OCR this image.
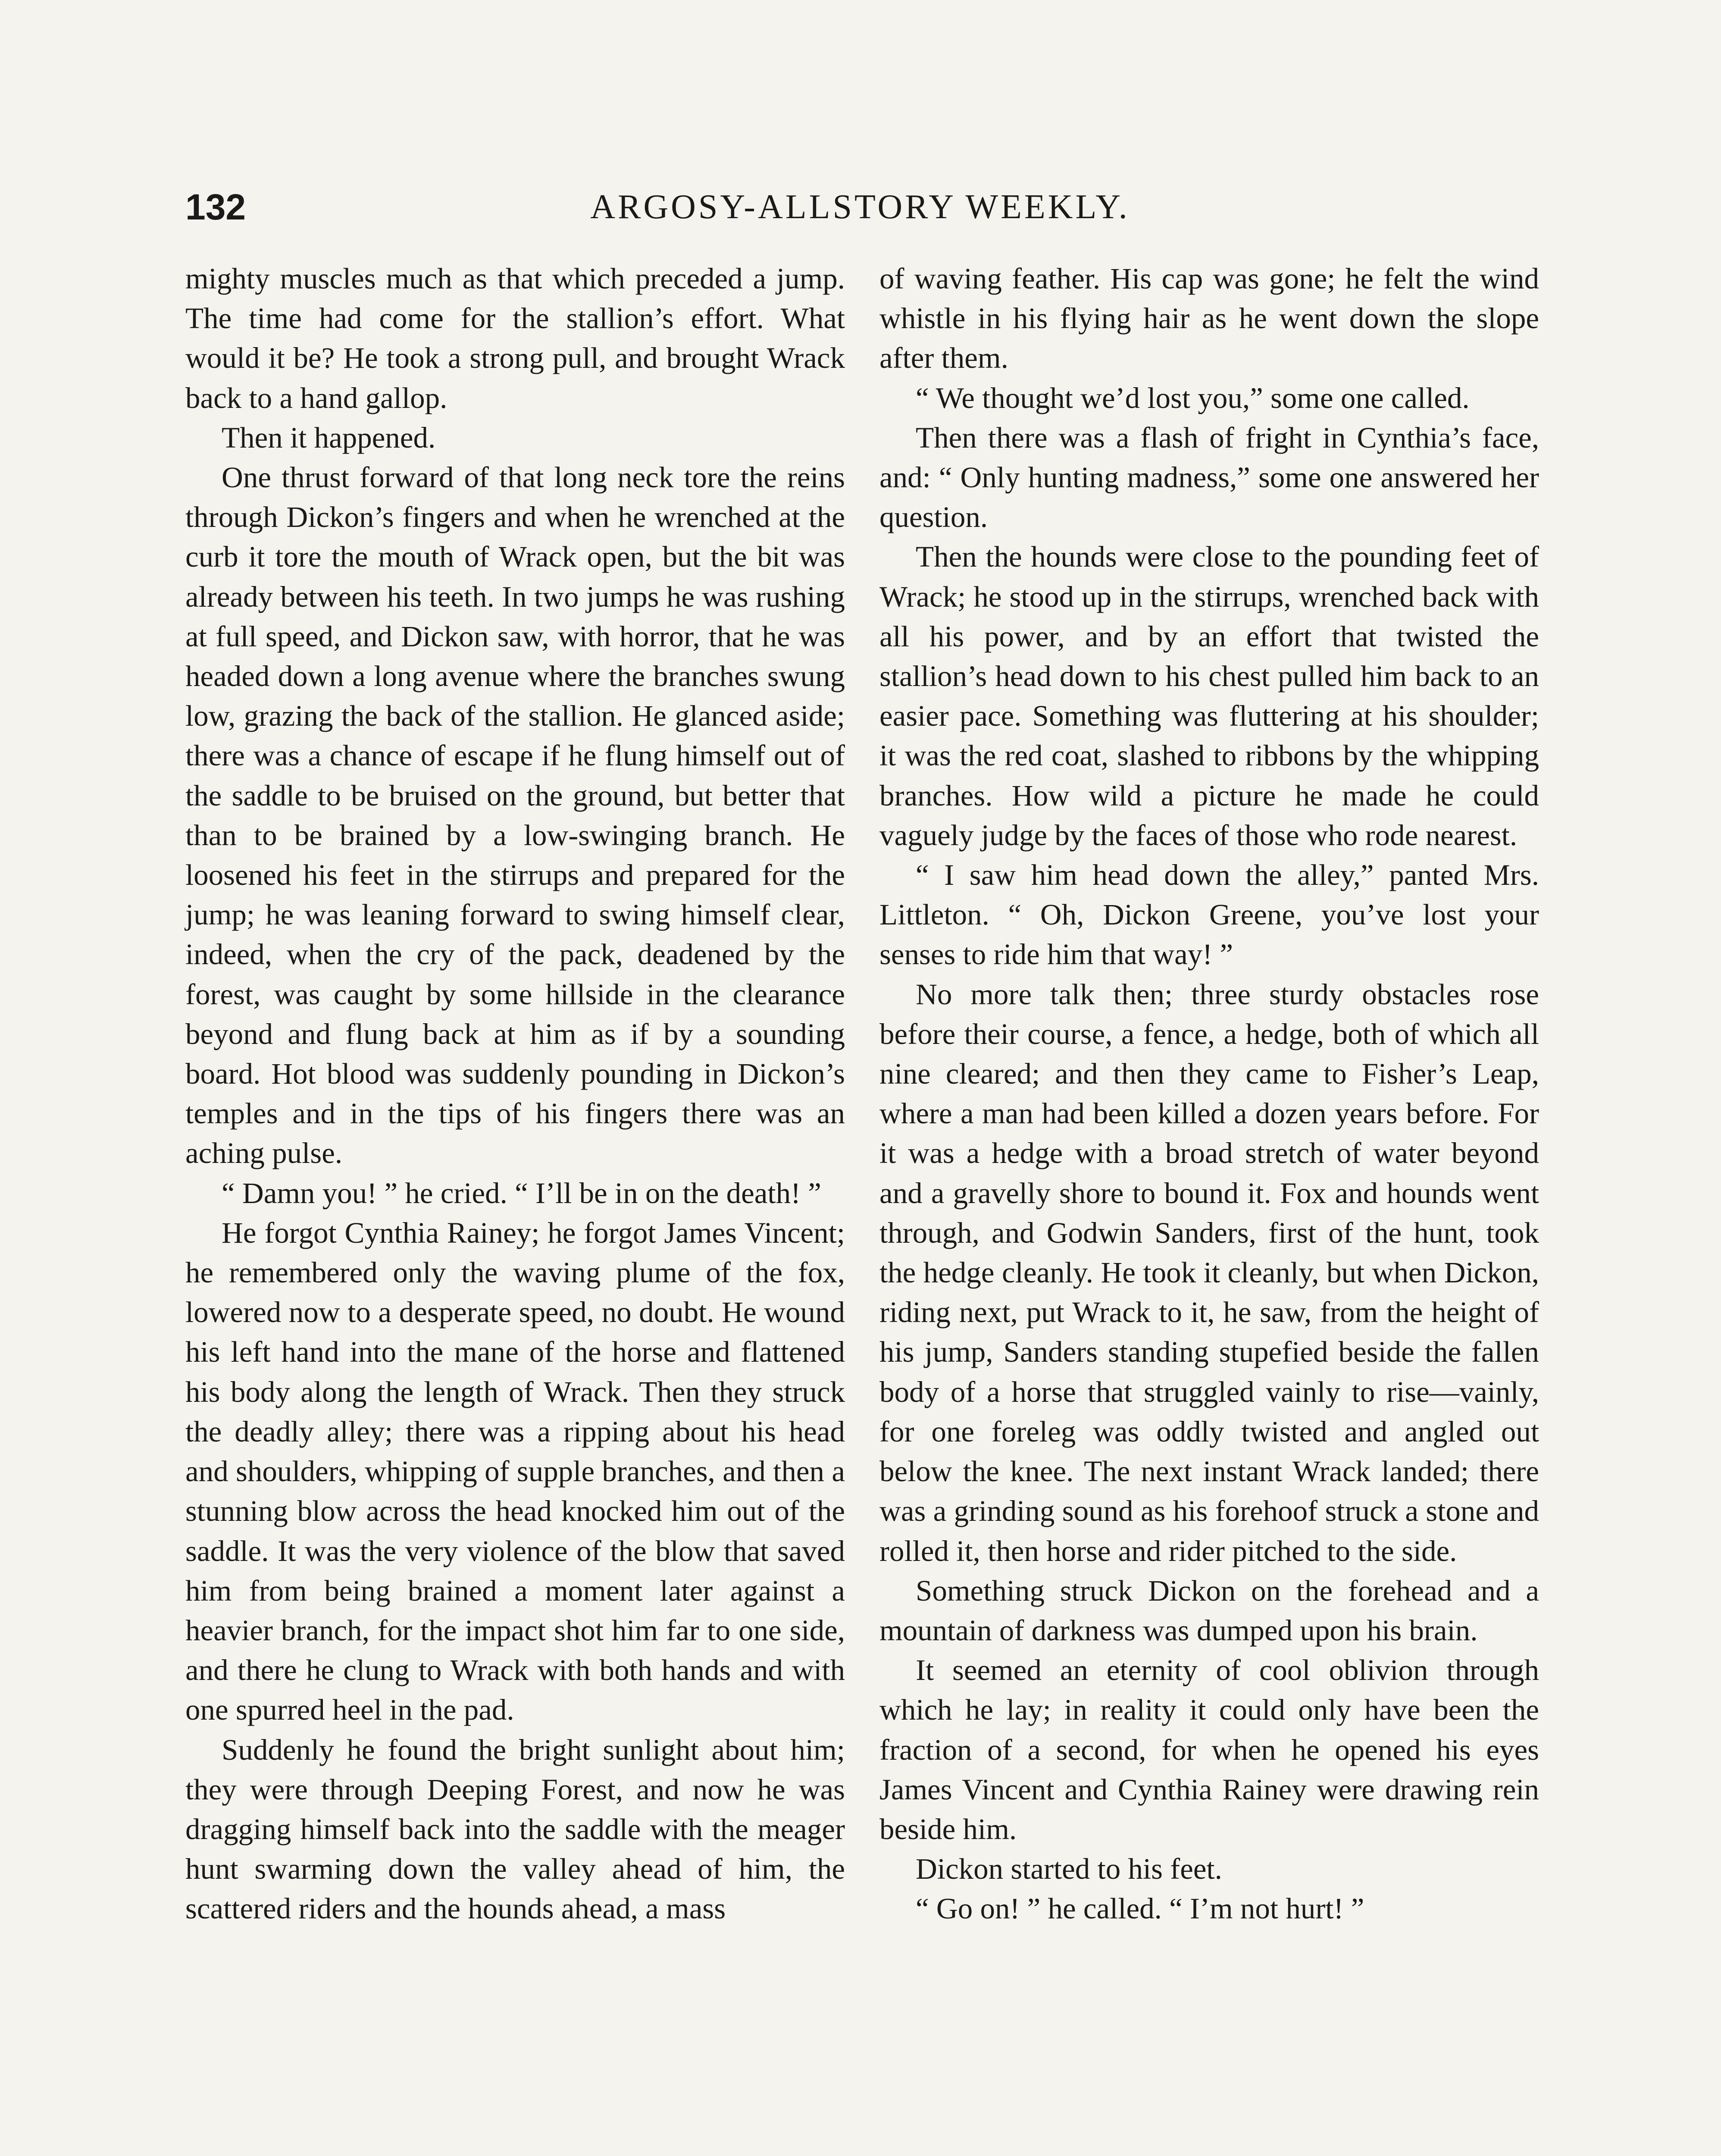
132	ARGOSY-ALLSTORY WEEKLY.

mighty muscles much as that which preceded a jump. The time had come for the stallion’s effort. What would it be? He took a strong pull, and brought Wrack back to a hand gallop.

Then it happened.

One thrust forward of that long neck tore the reins through Dickon’s fingers and when he wrenched at the curb it tore the mouth of Wrack open, but the bit was already between his teeth. In two jumps he was rushing at full speed, and Dickon saw, with horror, that he was headed down a long avenue where the branches swung low, grazing the back of the stallion. He glanced aside; there was a chance of escape if he flung himself out of the saddle to be bruised on the ground, but better that than to be brained by a low-swinging branch. He loosened his feet in the stirrups and prepared for the jump; he was leaning forward to swing himself clear, indeed, when the cry of the pack, deadened by the forest, was caught by some hillside in the clearance beyond and flung back at him as if by a sounding board. Hot blood was suddenly pounding in Dickon’s temples and in the tips of his fingers there was an aching pulse.

“ Damn you! ” he cried. “ I’ll be in on the death! ”

He forgot Cynthia Rainey; he forgot James Vincent; he remembered only the waving plume of the fox, lowered now to a desperate speed, no doubt. He wound his left hand into the mane of the horse and flattened his body along the length of Wrack. Then they struck the deadly alley; there was a ripping about his head and shoulders, whipping of supple branches, and then a stunning blow across the head knocked him out of the saddle. It was the very violence of the blow that saved him from being brained a moment later against a heavier branch, for the impact shot him far to one side, and there he clung to Wrack with both hands and with one spurred heel in the pad.

Suddenly he found the bright sunlight about him; they were through Deeping Forest, and now he was dragging himself back into the saddle with the meager hunt swarming down the valley ahead of him, the scattered riders and the hounds ahead, a mass

of waving feather. His cap was gone; he felt the wind whistle in his flying hair as he went down the slope after them.

“ We thought we’d lost you,” some one called.

Then there was a flash of fright in Cynthia’s face, and: “ Only hunting madness,” some one answered her question.

Then the hounds were close to the pounding feet of Wrack; he stood up in the stirrups, wrenched back with all his power, and by an effort that twisted the stallion’s head down to his chest pulled him back to an easier pace. Something was fluttering at his shoulder; it was the red coat, slashed to ribbons by the whipping branches. How wild a picture he made he could vaguely judge by the faces of those who rode nearest.

“ I saw him head down the alley,” panted Mrs. Littleton. “ Oh, Dickon Greene, you’ve lost your senses to ride him that way! ”

No more talk then; three sturdy obstacles rose before their course, a fence, a hedge, both of which all nine cleared; and then they came to Fisher’s Leap, where a man had been killed a dozen years before. For it was a hedge with a broad stretch of water beyond and a gravelly shore to bound it. Fox and hounds went through, and Godwin Sanders, first of the hunt, took the hedge cleanly. He took it cleanly, but when Dickon, riding next, put Wrack to it, he saw, from the height of his jump, Sanders standing stupefied beside the fallen body of a horse that struggled vainly to rise—vainly, for one foreleg was oddly twisted and angled out below the knee. The next instant Wrack landed; there was a grinding sound as his forehoof struck a stone and rolled it, then horse and rider pitched to the side.

Something struck Dickon on the forehead and a mountain of darkness was dumped upon his brain.

It seemed an eternity of cool oblivion through which he lay; in reality it could only have been the fraction of a second, for when he opened his eyes James Vincent and Cynthia Rainey were drawing rein beside him.

Dickon started to his feet.

“ Go on! ” he called. “ I’m not hurt! ”
